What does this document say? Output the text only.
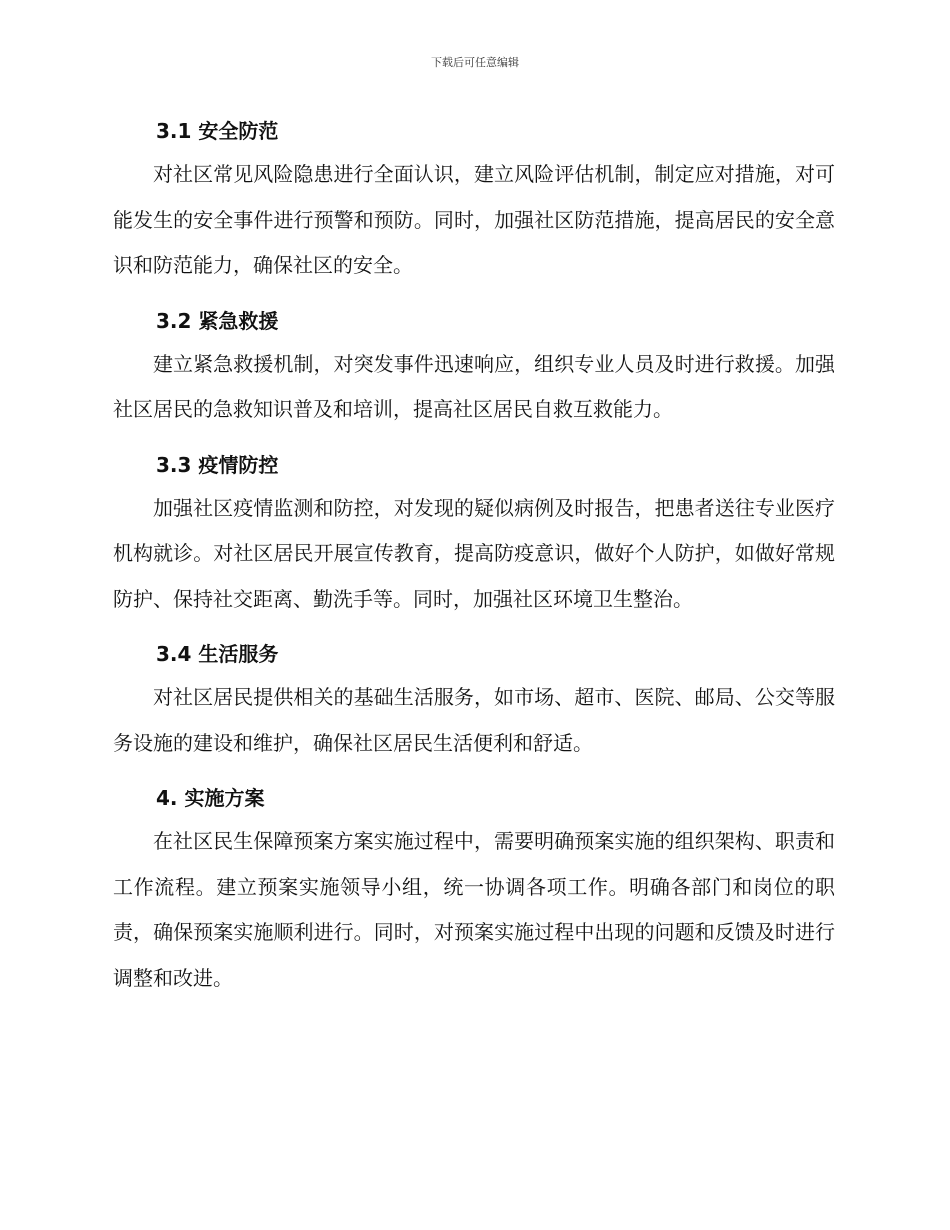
下载后可任意编辑
3.1 安全防范

对社区常见风险隐患进行全面认识，建立风险评估机制，制定应对措施，对可能发生的安全事件进行预警和预防。同时，加强社区防范措施，提高居民的安全意识和防范能力，确保社区的安全。

3.2 紧急救援

建立紧急救援机制，对突发事件迅速响应，组织专业人员及时进行救援。加强社区居民的急救知识普及和培训，提高社区居民自救互救能力。

3.3 疫情防控

加强社区疫情监测和防控，对发现的疑似病例及时报告，把患者送往专业医疗机构就诊。对社区居民开展宣传教育，提高防疫意识，做好个人防护，如做好常规防护、保持社交距离、勤洗手等。同时，加强社区环境卫生整治。

3.4 生活服务

对社区居民提供相关的基础生活服务，如市场、超市、医院、邮局、公交等服务设施的建设和维护，确保社区居民生活便利和舒适。

4. 实施方案

在社区民生保障预案方案实施过程中，需要明确预案实施的组织架构、职责和工作流程。建立预案实施领导小组，统一协调各项工作。明确各部门和岗位的职责，确保预案实施顺利进行。同时，对预案实施过程中出现的问题和反馈及时进行调整和改进。
